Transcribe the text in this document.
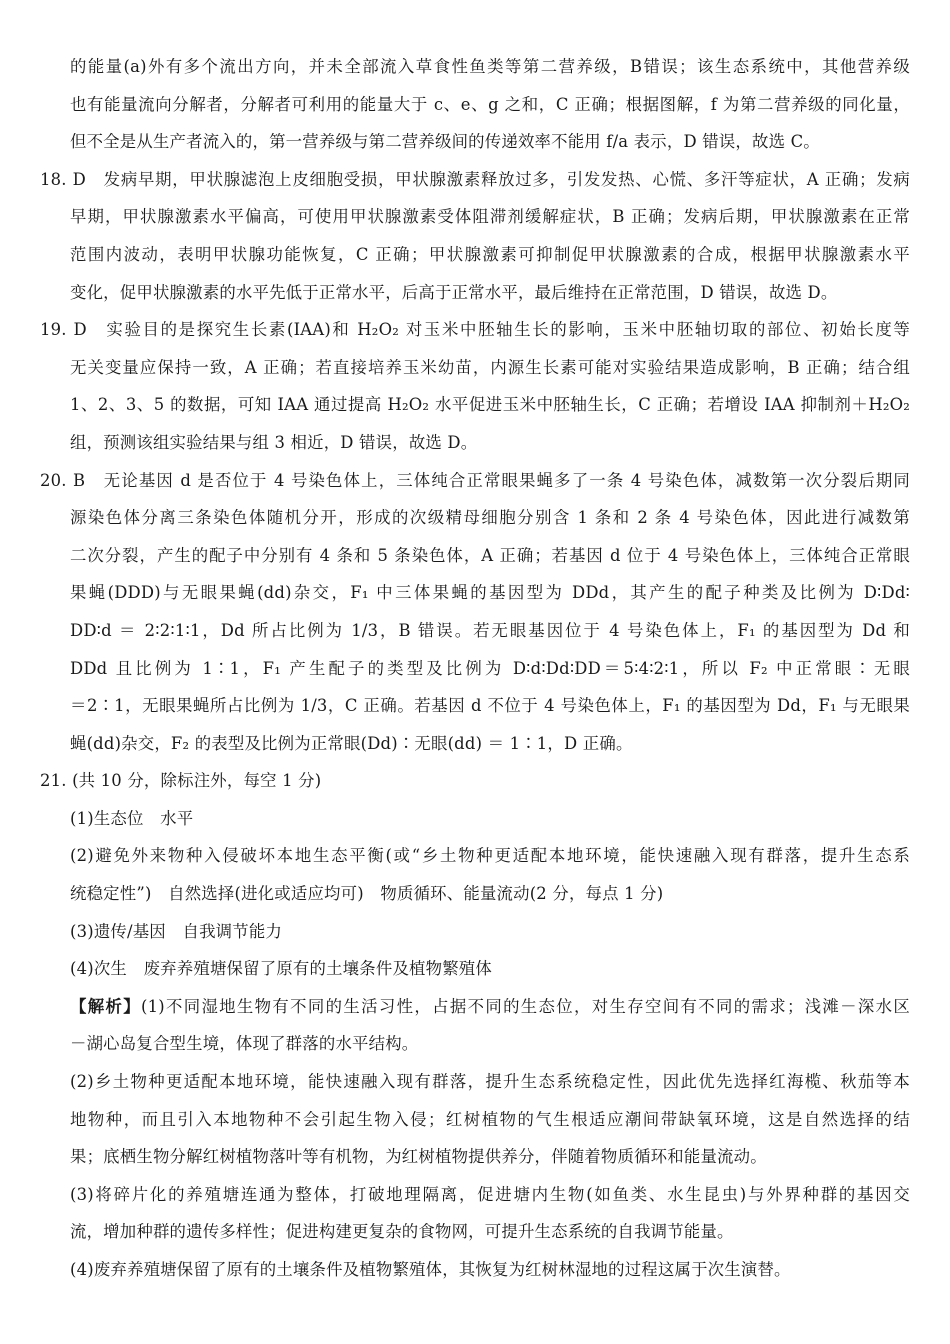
的能量(a)外有多个流出方向，并未全部流入草食性鱼类等第二营养级，B错误；该生态系统中，其他营养级

也有能量流向分解者，分解者可利用的能量大于 c、e、g 之和，C 正确；根据图解，f 为第二营养级的同化量，

但不全是从生产者流入的，第一营养级与第二营养级间的传递效率不能用 f/a 表示，D 错误，故选 C。

18. D　发病早期，甲状腺滤泡上皮细胞受损，甲状腺激素释放过多，引发发热、心慌、多汗等症状，A 正确；发病

早期，甲状腺激素水平偏高，可使用甲状腺激素受体阻滞剂缓解症状，B 正确；发病后期，甲状腺激素在正常

范围内波动，表明甲状腺功能恢复，C 正确；甲状腺激素可抑制促甲状腺激素的合成，根据甲状腺激素水平

变化，促甲状腺激素的水平先低于正常水平，后高于正常水平，最后维持在正常范围，D 错误，故选 D。

19. D　实验目的是探究生长素(IAA)和 H₂O₂ 对玉米中胚轴生长的影响，玉米中胚轴切取的部位、初始长度等

无关变量应保持一致，A 正确；若直接培养玉米幼苗，内源生长素可能对实验结果造成影响，B 正确；结合组

1、2、3、5 的数据，可知 IAA 通过提高 H₂O₂ 水平促进玉米中胚轴生长，C 正确；若增设 IAA 抑制剂＋H₂O₂

组，预测该组实验结果与组 3 相近，D 错误，故选 D。

20. B　无论基因 d 是否位于 4 号染色体上，三体纯合正常眼果蝇多了一条 4 号染色体，减数第一次分裂后期同

源染色体分离三条染色体随机分开，形成的次级精母细胞分别含 1 条和 2 条 4 号染色体，因此进行减数第

二次分裂，产生的配子中分别有 4 条和 5 条染色体，A 正确；若基因 d 位于 4 号染色体上，三体纯合正常眼

果蝇(DDD)与无眼果蝇(dd)杂交，F₁ 中三体果蝇的基因型为 DDd，其产生的配子种类及比例为 D∶Dd∶

DD∶d ＝ 2∶2∶1∶1，Dd 所占比例为 1/3，B 错误。若无眼基因位于 4 号染色体上，F₁ 的基因型为 Dd 和

DDd 且比例为 1∶1，F₁ 产生配子的类型及比例为 D∶d∶Dd∶DD＝5∶4∶2∶1，所以 F₂ 中正常眼∶无眼

＝2∶1，无眼果蝇所占比例为 1/3，C 正确。若基因 d 不位于 4 号染色体上，F₁ 的基因型为 Dd，F₁ 与无眼果

蝇(dd)杂交，F₂ 的表型及比例为正常眼(Dd)∶无眼(dd) ＝ 1∶1，D 正确。

21. (共 10 分，除标注外，每空 1 分)

(1)生态位　水平

(2)避免外来物种入侵破坏本地生态平衡(或“乡土物种更适配本地环境，能快速融入现有群落，提升生态系

统稳定性”)　自然选择(进化或适应均可)　物质循环、能量流动(2 分，每点 1 分)

(3)遗传/基因　自我调节能力

(4)次生　废弃养殖塘保留了原有的土壤条件及植物繁殖体

【解析】(1)不同湿地生物有不同的生活习性，占据不同的生态位，对生存空间有不同的需求；浅滩－深水区

－湖心岛复合型生境，体现了群落的水平结构。

(2)乡土物种更适配本地环境，能快速融入现有群落，提升生态系统稳定性，因此优先选择红海榄、秋茄等本

地物种，而且引入本地物种不会引起生物入侵；红树植物的气生根适应潮间带缺氧环境，这是自然选择的结

果；底栖生物分解红树植物落叶等有机物，为红树植物提供养分，伴随着物质循环和能量流动。

(3)将碎片化的养殖塘连通为整体，打破地理隔离，促进塘内生物(如鱼类、水生昆虫)与外界种群的基因交

流，增加种群的遗传多样性；促进构建更复杂的食物网，可提升生态系统的自我调节能量。

(4)废弃养殖塘保留了原有的土壤条件及植物繁殖体，其恢复为红树林湿地的过程这属于次生演替。
